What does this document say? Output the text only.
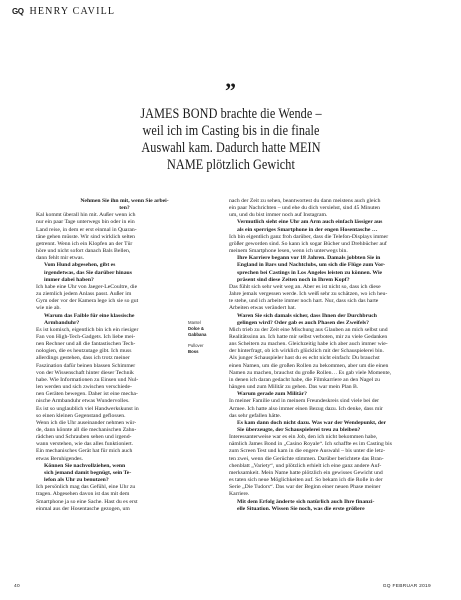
GQ HENRY CAVILL
”
JAMES BOND brachte die Wende –
weil ich im Casting bis in die finale
Auswahl kam. Dadurch hatte MEIN
NAME plötzlich Gewicht

Nehmen Sie ihn mit, wenn Sie arbei-

ten?

Kal kommt überall hin mit. Außer wenn ich

nur ein paar Tage unterwegs bin oder in ein

Land reise, in dem er erst einmal in Quaran-

täne gehen müsste. Wir sind wirklich selten

getrennt. Wenn ich ein Klopfen an der Tür

höre und nicht sofort danach Bals Bellen,

dann fehlt mir etwas.

Vom Hund abgesehen, gibt es

irgendetwas, das Sie darüber hinaus

immer dabei haben?

Ich habe eine Uhr von Jaeger-LeCoultre, die

zu ziemlich jedem Anlass passt. Außer im

Gym oder vor der Kamera lege ich sie so gut

wie nie ab.

Warum das Faible für eine klassische

Armbanduhr?

Es ist komisch, eigentlich bin ich ein riesiger

Fan von High-Tech-Gadgets. Ich liebe mei-

nen Rechner und all die fantastischen Tech-

nologien, die es heutzutage gibt. Ich muss

allerdings gestehen, dass ich trotz meiner

Faszination dafür beinen blassen Schimmer

von der Wissenschaft hinter dieser Technik

habe. Wie Informationen zu Einsen und Nul-

len werden und sich zwischen verschiede-

nen Geräten bewegen. Daher ist eine mecha-

nische Armbanduhr etwas Wundervolles.

Es ist so unglaublich viel Handwerkskunst in

so einen kleinen Gegenstand geflossen.

Wenn ich die Uhr auseinander nehmen wür-

de, dann könnte all die mechanischen Zahn-

rädchen und Schrauben sehen und irgend-

wann verstehen, wie das alles funktioniert.

Ein mechanisches Gerät hat für mich auch

etwas Beruhigendes.

Können Sie nachvollziehen, wenn

sich jemand damit begnügt, sein Te-

lefon als Uhr zu benutzen?

Ich persönlich mag das Gefühl, eine Uhr zu

tragen. Abgesehen davon ist das mit dem

Smartphone ja so eine Sache. Hast du es erst

einmal aus der Hosentasche gezogen, um

Mantel
Dolce & Gabbana
Pullover
Boss

nach der Zeit zu sehen, beantwortest du dann meistens auch gleich

ein paar Nachrichten – und ehe du dich versiehst, sind 45 Minuten

um, und du bist immer noch auf Instagram.

Vermutlich sieht eine Uhr am Arm auch einfach lässiger aus

als ein sperriges Smartphone in der engen Hosentasche …

Ich bin eigentlich ganz froh darüber, dass die Telefon-Displays immer

größer geworden sind. So kann ich sogar Bücher und Drehbücher auf

meinem Smartphone lesen, wenn ich unterwegs bin.

Ihre Karriere begann vor 18 Jahren. Damals jobbten Sie in

England in Bars und Nachtclubs, um sich die Flüge zum Vor-

sprechen bei Castings in Los Angeles leisten zu können. Wie

präsent sind diese Zeiten noch in Ihrem Kopf?

Das fühlt sich sehr weit weg an. Aber es ist nicht so, dass ich diese

Jahre jemals vergessen werde. Ich weiß sehr zu schätzen, wo ich heu-

te stehe, und ich arbeite immer noch hart. Nur, dass sich das harte

Arbeiten etwas verändert hat.

Waren Sie sich damals sicher, dass Ihnen der Durchbruch

gelingen wird? Oder gab es auch Phasen des Zweifels?

Mich trieb zu der Zeit eine Mischung aus Glauben an mich selbst und

Realitätssinn an. Ich hatte mir selbst verboten, mir zu viele Gedanken

ans Scheitern zu machen. Gleichzeitig habe ich aber auch immer wie-

der hinterfragt, ob ich wirklich glücklich mit der Schauspielerei bin.

Als junger Schauspieler hast du es echt nicht einfach: Du brauchst

einen Namen, um die großen Rollen zu bekommen, aber um die einen

Namen zu machen, brauchst du große Rollen… Es gab viele Momente,

in denen ich daran gedacht habe, die Filmkarriere an den Nagel zu

hängen und zum Militär zu gehen. Das war mein Plan B.

Warum gerade zum Militär?

In meiner Familie und in meinem Freundeskreis sind viele bei der

Armee. Ich hatte also immer einen Bezug dazu. Ich denke, dass mir

das sehr gefallen hätte.

Es kam dann doch nicht dazu. Was war der Wendepunkt, der

Sie überzeugte, der Schauspielerei treu zu bleiben?

Interessanterweise war es ein Job, den ich nicht bekommen habe,

nämlich James Bond in „Casino Royale“. Ich schaffte es im Casting bis

zum Screen Test und kam in die engere Auswahl – bis unter die letz-

ten zwei, wenn die Gerüchte stimmen. Darüber berichtete das Bran-

chenblatt „Variety“, und plötzlich erhielt ich eine ganz andere Auf-

merksamkeit. Mein Name hatte plötzlich ein gewisses Gewicht und

es taten sich neue Möglichkeiten auf. So bekam ich die Rolle in der

Serie „Die Tudors“. Das war der Beginn einer neuen Phase meiner

Karriere.

Mit dem Erfolg änderte sich natürlich auch Ihre finanzi-

elle Situation. Wissen Sie noch, was die erste größere

40	GQ FEBRUAR 2019
